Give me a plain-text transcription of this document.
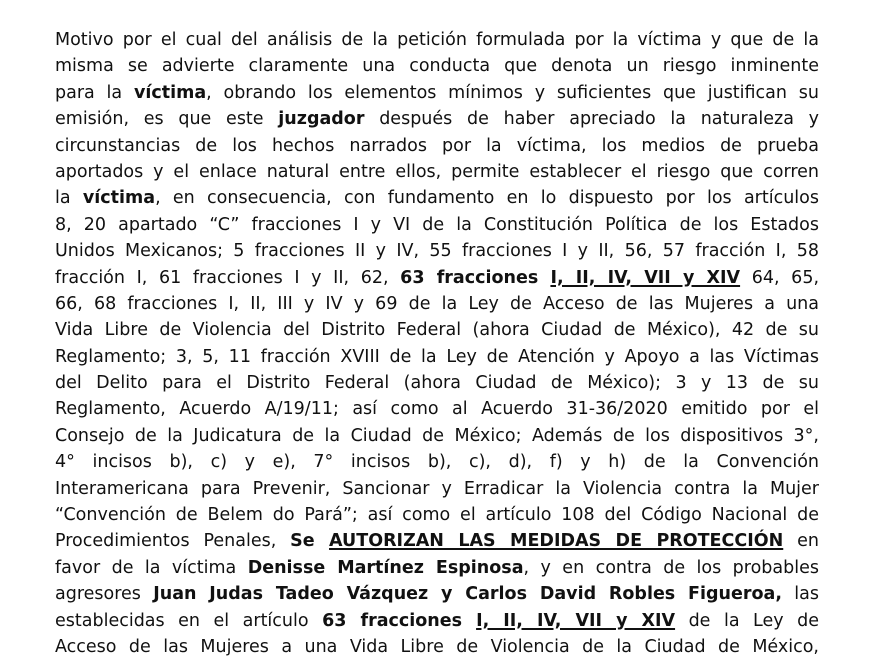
Motivo por el cual del análisis de la petición formulada por la víctima y que de la
misma se advierte claramente una conducta que denota un riesgo inminente
para la víctima, obrando los elementos mínimos y suficientes que justifican su
emisión, es que este juzgador después de haber apreciado la naturaleza y
circunstancias de los hechos narrados por la víctima, los medios de prueba
aportados y el enlace natural entre ellos, permite establecer el riesgo que corren
la víctima, en consecuencia, con fundamento en lo dispuesto por los artículos
8, 20 apartado “C” fracciones I y VI de la Constitución Política de los Estados
Unidos Mexicanos; 5 fracciones II y IV, 55 fracciones I y II, 56, 57 fracción I, 58
fracción I, 61 fracciones I y II, 62, 63 fracciones I, II, IV, VII y XIV 64, 65,
66, 68 fracciones I, II, III y IV y 69 de la Ley de Acceso de las Mujeres a una
Vida Libre de Violencia del Distrito Federal (ahora Ciudad de México), 42 de su
Reglamento; 3, 5, 11 fracción XVIII de la Ley de Atención y Apoyo a las Víctimas
del Delito para el Distrito Federal (ahora Ciudad de México); 3 y 13 de su
Reglamento, Acuerdo A/19/11; así como al Acuerdo 31-36/2020 emitido por el
Consejo de la Judicatura de la Ciudad de México; Además de los dispositivos 3°,
4° incisos b), c) y e), 7° incisos b), c), d), f) y h) de la Convención
Interamericana para Prevenir, Sancionar y Erradicar la Violencia contra la Mujer
“Convención de Belem do Pará”; así como el artículo 108 del Código Nacional de
Procedimientos Penales, Se AUTORIZAN LAS MEDIDAS DE PROTECCIÓN en
favor de la víctima Denisse Martínez Espinosa, y en contra de los probables
agresores Juan Judas Tadeo Vázquez y Carlos David Robles Figueroa, las
establecidas en el artículo 63 fracciones I, II, IV, VII y XIV de la Ley de
Acceso de las Mujeres a una Vida Libre de Violencia de la Ciudad de México,
